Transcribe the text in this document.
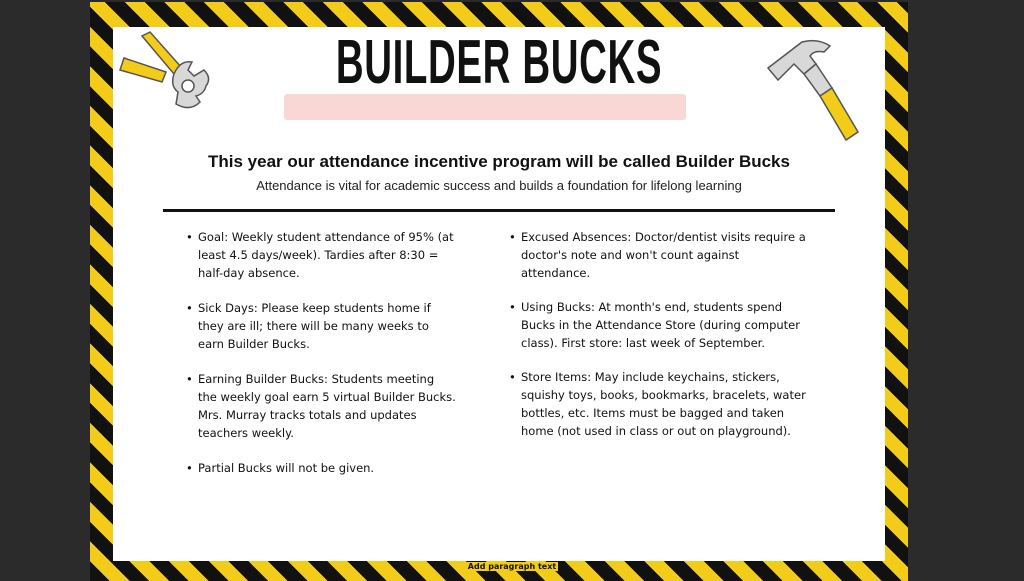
BUILDER BUCKS
This year our attendance incentive program will be called Builder Bucks
Attendance is vital for academic success and builds a foundation for lifelong learning
• Goal: Weekly student attendance of 95% (at least 4.5 days/week). Tardies after 8:30 = half-day absence.
• Sick Days: Please keep students home if they are ill; there will be many weeks to earn Builder Bucks.
• Earning Builder Bucks: Students meeting the weekly goal earn 5 virtual Builder Bucks. Mrs. Murray tracks totals and updates teachers weekly.
• Partial Bucks will not be given.
• Excused Absences: Doctor/dentist visits require a doctor's note and won't count against attendance.
• Using Bucks: At month's end, students spend Bucks in the Attendance Store (during computer class). First store: last week of September.
• Store Items: May include keychains, stickers, squishy toys, books, bookmarks, bracelets, water bottles, etc. Items must be bagged and taken home (not used in class or out on playground).
Add paragraph text
